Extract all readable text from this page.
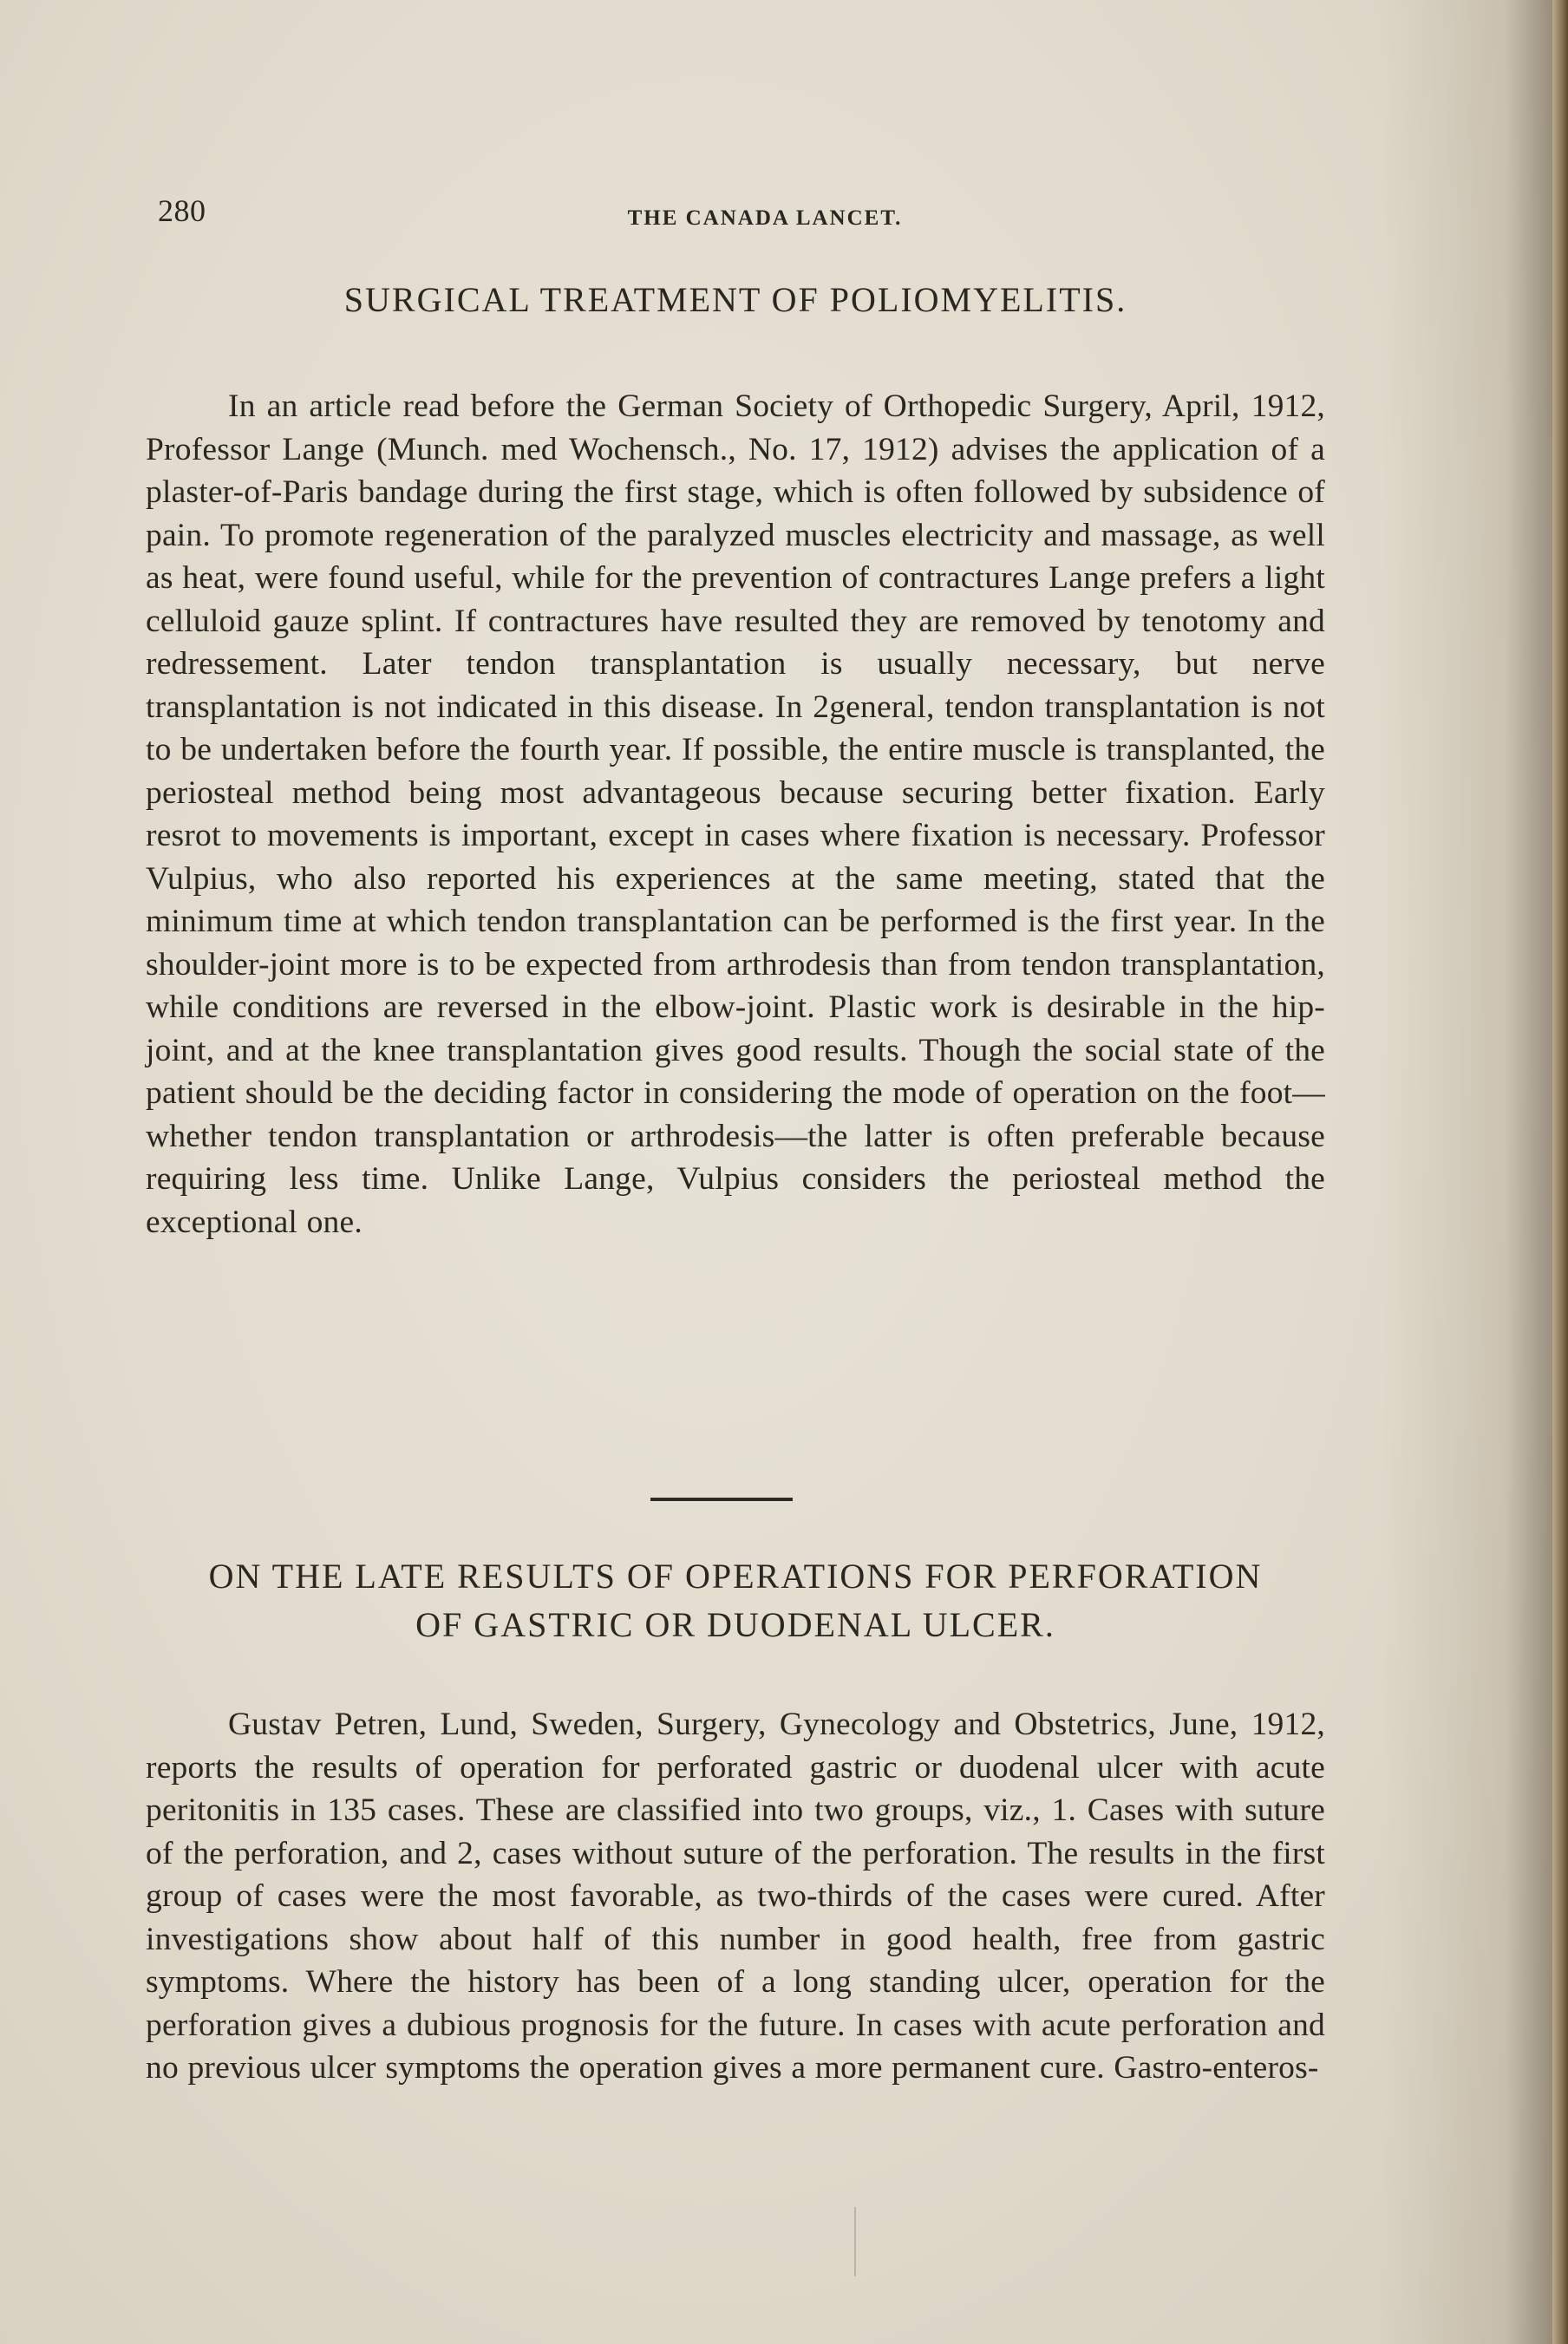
280	THE CANADA LANCET.
SURGICAL TREATMENT OF POLIOMYELITIS.

In an article read before the German Society of Orthopedic Surgery, April, 1912, Professor Lange (Munch. med Wochensch., No. 17, 1912) advises the application of a plaster-of-Paris bandage during the first stage, which is often followed by subsidence of pain. To promote regeneration of the paralyzed muscles electricity and massage, as well as heat, were found useful, while for the prevention of contractures Lange prefers a light celluloid gauze splint. If contractures have resulted they are removed by tenotomy and redressement. Later tendon transplantation is usually necessary, but nerve transplantation is not indicated in this disease. In 2general, tendon transplantation is not to be undertaken before the fourth year. If possible, the entire muscle is transplanted, the periosteal method being most advantageous because securing better fixation. Early resrot to movements is important, except in cases where fixation is necessary. Professor Vulpius, who also reported his experiences at the same meeting, stated that the minimum time at which tendon transplantation can be performed is the first year. In the shoulder-joint more is to be expected from arthrodesis than from tendon transplantation, while conditions are reversed in the elbow-joint. Plastic work is desirable in the hip-joint, and at the knee transplantation gives good results. Though the social state of the patient should be the deciding factor in considering the mode of operation on the foot—whether tendon transplantation or arthrodesis—the latter is often preferable because requiring less time. Unlike Lange, Vulpius considers the periosteal method the exceptional one.

ON THE LATE RESULTS OF OPERATIONS FOR PERFORATION
OF GASTRIC OR DUODENAL ULCER.

Gustav Petren, Lund, Sweden, Surgery, Gynecology and Obstetrics, June, 1912, reports the results of operation for perforated gastric or duodenal ulcer with acute peritonitis in 135 cases. These are classified into two groups, viz., 1. Cases with suture of the perforation, and 2, cases without suture of the perforation. The results in the first group of cases were the most favorable, as two-thirds of the cases were cured. After investigations show about half of this number in good health, free from gastric symptoms. Where the history has been of a long standing ulcer, operation for the perforation gives a dubious prognosis for the future. In cases with acute perforation and no previous ulcer symptoms the operation gives a more permanent cure. Gastro-enteros-
